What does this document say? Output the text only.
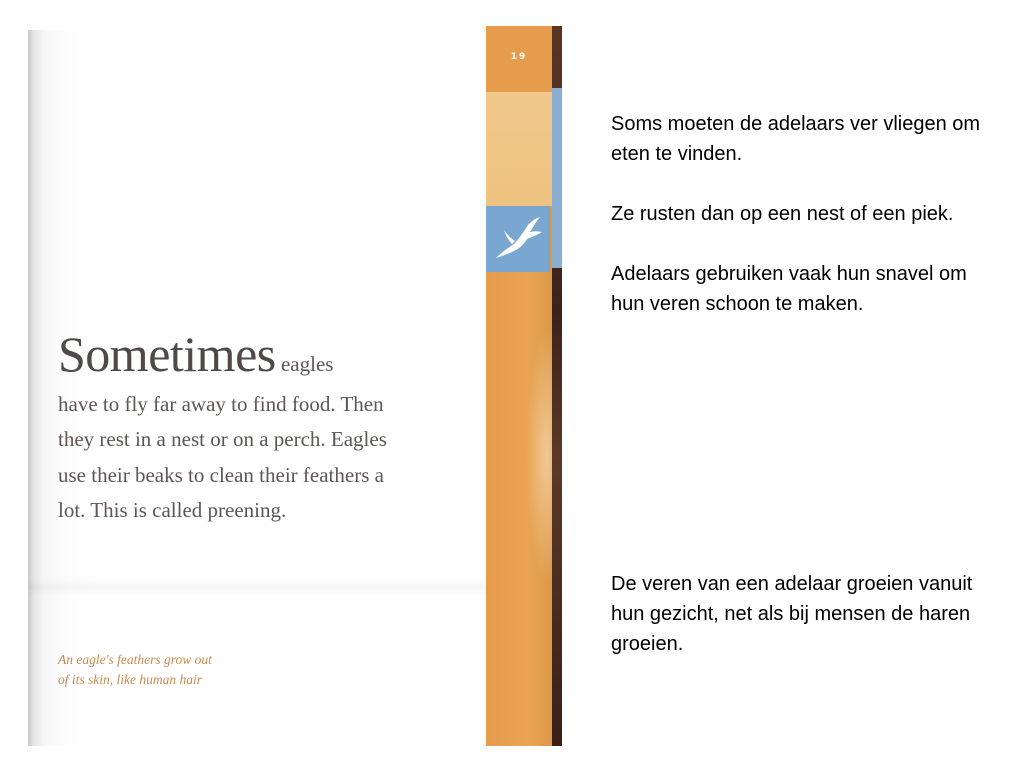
Sometimes eagles
have to fly far away to find food. Then
they rest in a nest or on a perch. Eagles
use their beaks to clean their feathers a
lot. This is called preening.
An eagle's feathers grow out
of its skin, like human hair
19

Soms moeten de adelaars ver vliegen om eten te vinden.

Ze rusten dan op een nest of een piek.

Adelaars gebruiken vaak hun snavel om hun veren schoon te maken.

De veren van een adelaar groeien vanuit hun gezicht, net als bij mensen de haren groeien.
